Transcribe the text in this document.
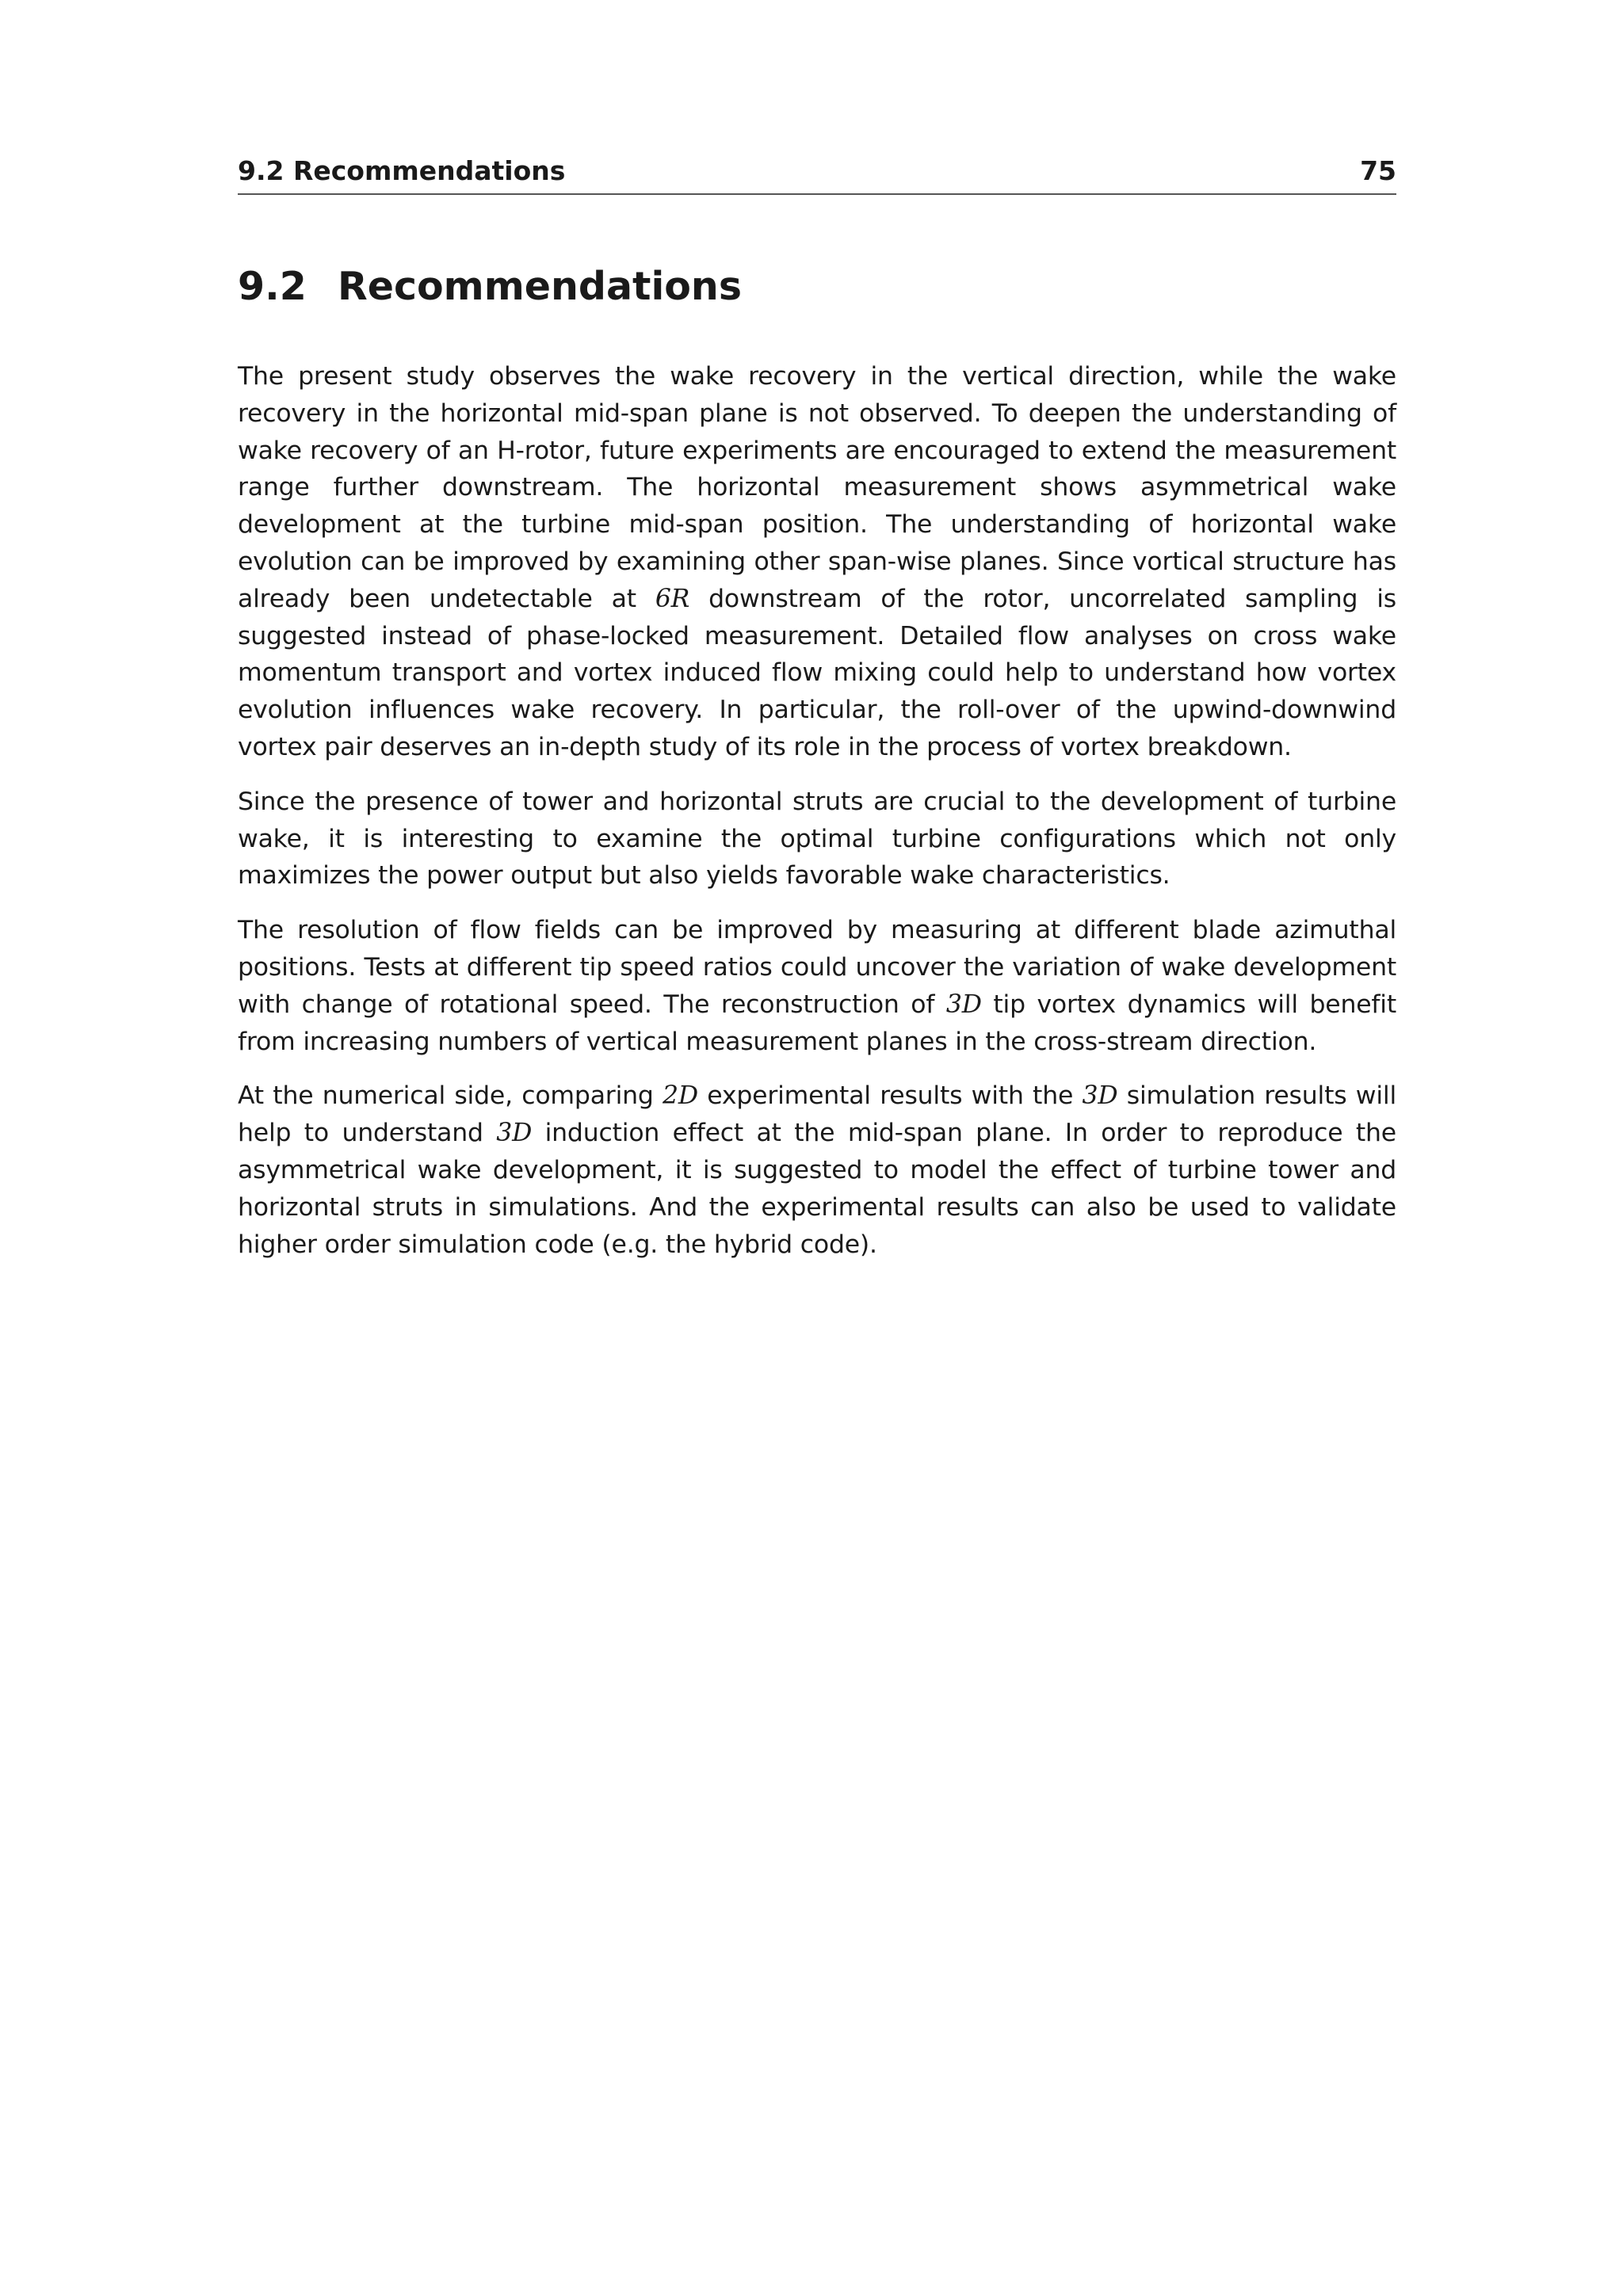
9.2 Recommendations	75
9.2 Recommendations

The present study observes the wake recovery in the vertical direction, while the wake recovery in the horizontal mid-span plane is not observed. To deepen the understanding of wake recovery of an H-rotor, future experiments are encouraged to extend the measurement range further downstream. The horizontal measurement shows asymmetrical wake development at the turbine mid-span position. The understanding of horizontal wake evolution can be improved by examining other span-wise planes. Since vortical structure has already been undetectable at 6R downstream of the rotor, uncorrelated sampling is suggested instead of phase-locked measurement. Detailed flow analyses on cross wake momentum transport and vortex induced flow mixing could help to understand how vortex evolution influences wake recovery. In particular, the roll-over of the upwind-downwind vortex pair deserves an in-depth study of its role in the process of vortex breakdown.

Since the presence of tower and horizontal struts are crucial to the development of turbine wake, it is interesting to examine the optimal turbine configurations which not only maximizes the power output but also yields favorable wake characteristics.

The resolution of flow fields can be improved by measuring at different blade azimuthal positions. Tests at different tip speed ratios could uncover the variation of wake development with change of rotational speed. The reconstruction of 3D tip vortex dynamics will benefit from increasing numbers of vertical measurement planes in the cross-stream direction.

At the numerical side, comparing 2D experimental results with the 3D simulation results will help to understand 3D induction effect at the mid-span plane. In order to reproduce the asymmetrical wake development, it is suggested to model the effect of turbine tower and horizontal struts in simulations. And the experimental results can also be used to validate higher order simulation code (e.g. the hybrid code).
